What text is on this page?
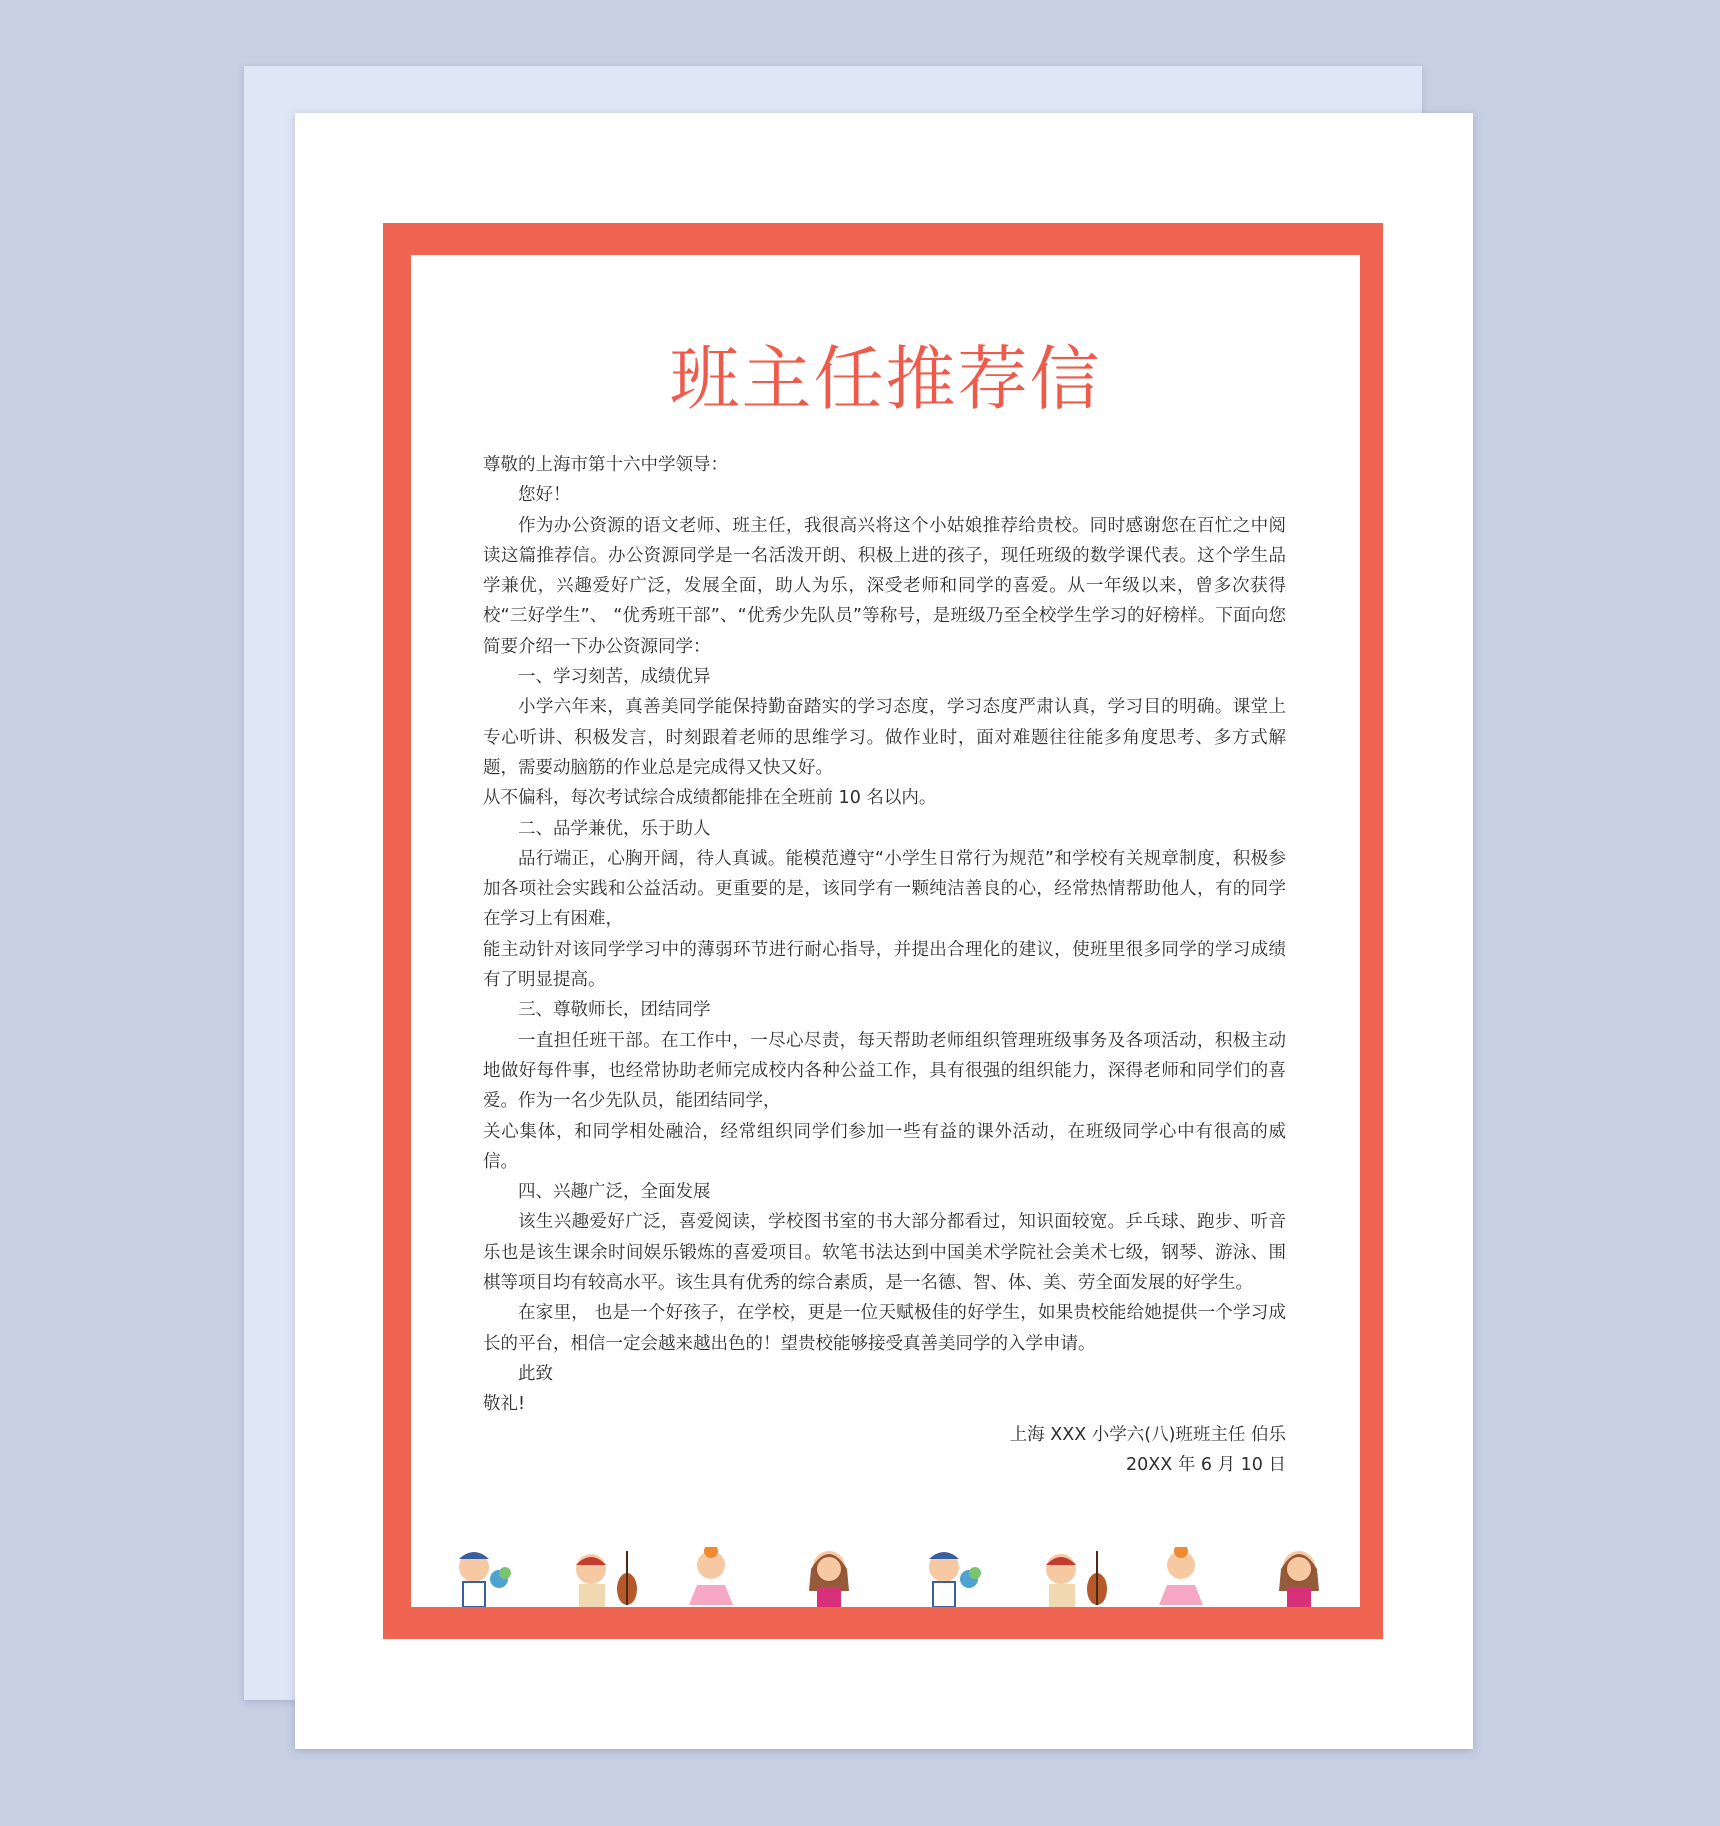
班主任推荐信

尊敬的上海市第十六中学领导：

您好！

作为办公资源的语文老师、班主任，我很高兴将这个小姑娘推荐给贵校。同时感谢您在百忙之中阅读这篇推荐信。办公资源同学是一名活泼开朗、积极上进的孩子，现任班级的数学课代表。这个学生品学兼优，兴趣爱好广泛，发展全面，助人为乐，深受老师和同学的喜爱。从一年级以来，曾多次获得校“三好学生”、 “优秀班干部”、“优秀少先队员”等称号，是班级乃至全校学生学习的好榜样。下面向您简要介绍一下办公资源同学：

一、学习刻苦，成绩优异

小学六年来，真善美同学能保持勤奋踏实的学习态度，学习态度严肃认真，学习目的明确。课堂上专心听讲、积极发言，时刻跟着老师的思维学习。做作业时，面对难题往往能多角度思考、多方式解题，需要动脑筋的作业总是完成得又快又好。

从不偏科，每次考试综合成绩都能排在全班前 10 名以内。

二、品学兼优，乐于助人

品行端正，心胸开阔，待人真诚。能模范遵守“小学生日常行为规范”和学校有关规章制度，积极参加各项社会实践和公益活动。更重要的是，该同学有一颗纯洁善良的心，经常热情帮助他人，有的同学在学习上有困难，

能主动针对该同学学习中的薄弱环节进行耐心指导，并提出合理化的建议，使班里很多同学的学习成绩有了明显提高。

三、尊敬师长，团结同学

一直担任班干部。在工作中，一尽心尽责，每天帮助老师组织管理班级事务及各项活动，积极主动地做好每件事，也经常协助老师完成校内各种公益工作，具有很强的组织能力，深得老师和同学们的喜爱。作为一名少先队员，能团结同学，

关心集体，和同学相处融洽，经常组织同学们参加一些有益的课外活动，在班级同学心中有很高的威信。

四、兴趣广泛，全面发展

该生兴趣爱好广泛，喜爱阅读，学校图书室的书大部分都看过，知识面较宽。乒乓球、跑步、听音乐也是该生课余时间娱乐锻炼的喜爱项目。软笔书法达到中国美术学院社会美术七级，钢琴、游泳、围棋等项目均有较高水平。该生具有优秀的综合素质，是一名德、智、体、美、劳全面发展的好学生。

在家里， 也是一个好孩子，在学校，更是一位天赋极佳的好学生，如果贵校能给她提供一个学习成长的平台，相信一定会越来越出色的！望贵校能够接受真善美同学的入学申请。

此致

敬礼!

上海 XXX 小学六(八)班班主任 伯乐

20XX 年 6 月 10 日
